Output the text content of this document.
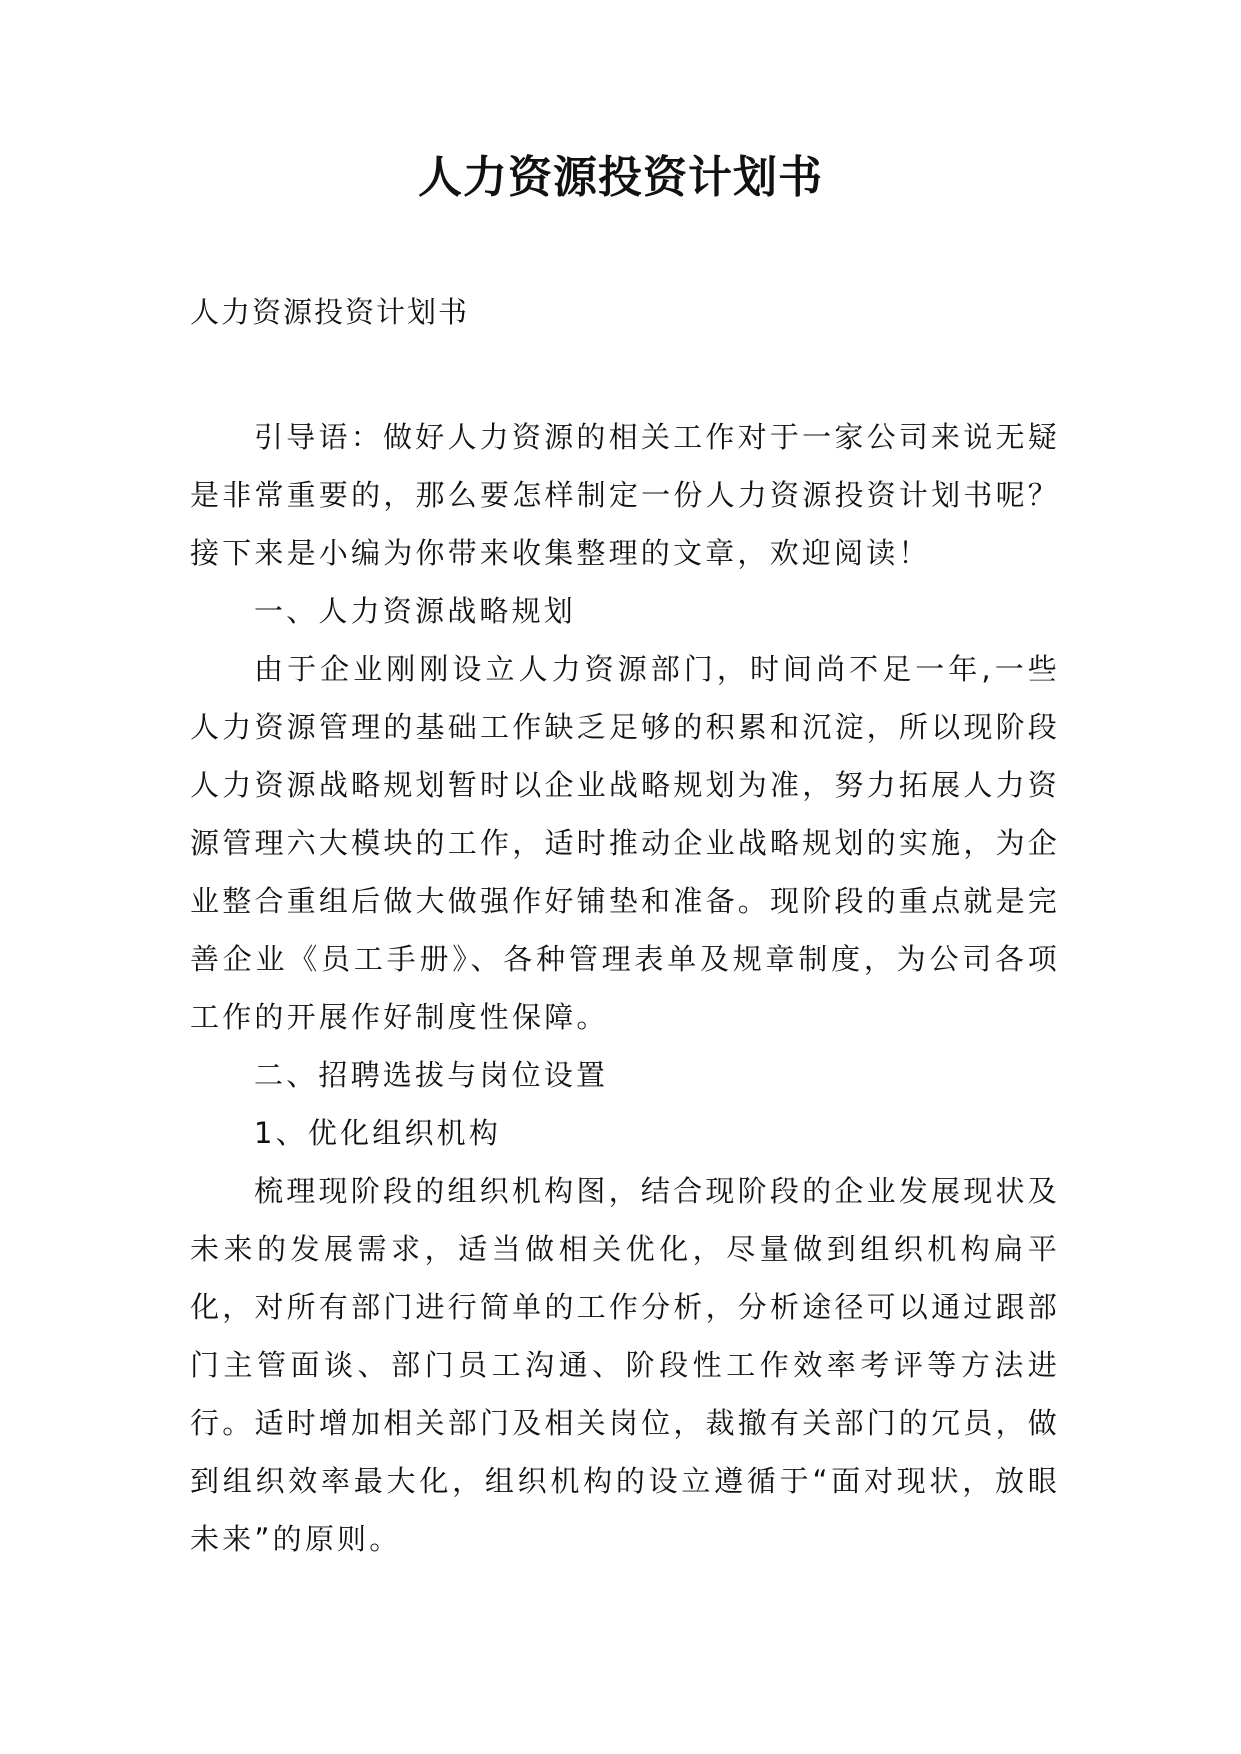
人力资源投资计划书
人力资源投资计划书

引导语：做好人力资源的相关工作对于一家公司来说无疑是非常重要的，那么要怎样制定一份人力资源投资计划书呢？接下来是小编为你带来收集整理的文章，欢迎阅读！

一、人力资源战略规划

由于企业刚刚设立人力资源部门，时间尚不足一年,一些人力资源管理的基础工作缺乏足够的积累和沉淀，所以现阶段人力资源战略规划暂时以企业战略规划为准，努力拓展人力资源管理六大模块的工作，适时推动企业战略规划的实施，为企业整合重组后做大做强作好铺垫和准备。现阶段的重点就是完善企业《员工手册》、各种管理表单及规章制度，为公司各项工作的开展作好制度性保障。

二、招聘选拔与岗位设置

1、优化组织机构

梳理现阶段的组织机构图，结合现阶段的企业发展现状及未来的发展需求，适当做相关优化，尽量做到组织机构扁平化，对所有部门进行简单的工作分析，分析途径可以通过跟部门主管面谈、部门员工沟通、阶段性工作效率考评等方法进行。适时增加相关部门及相关岗位，裁撤有关部门的冗员，做到组织效率最大化，组织机构的设立遵循于“面对现状，放眼未来”的原则。
